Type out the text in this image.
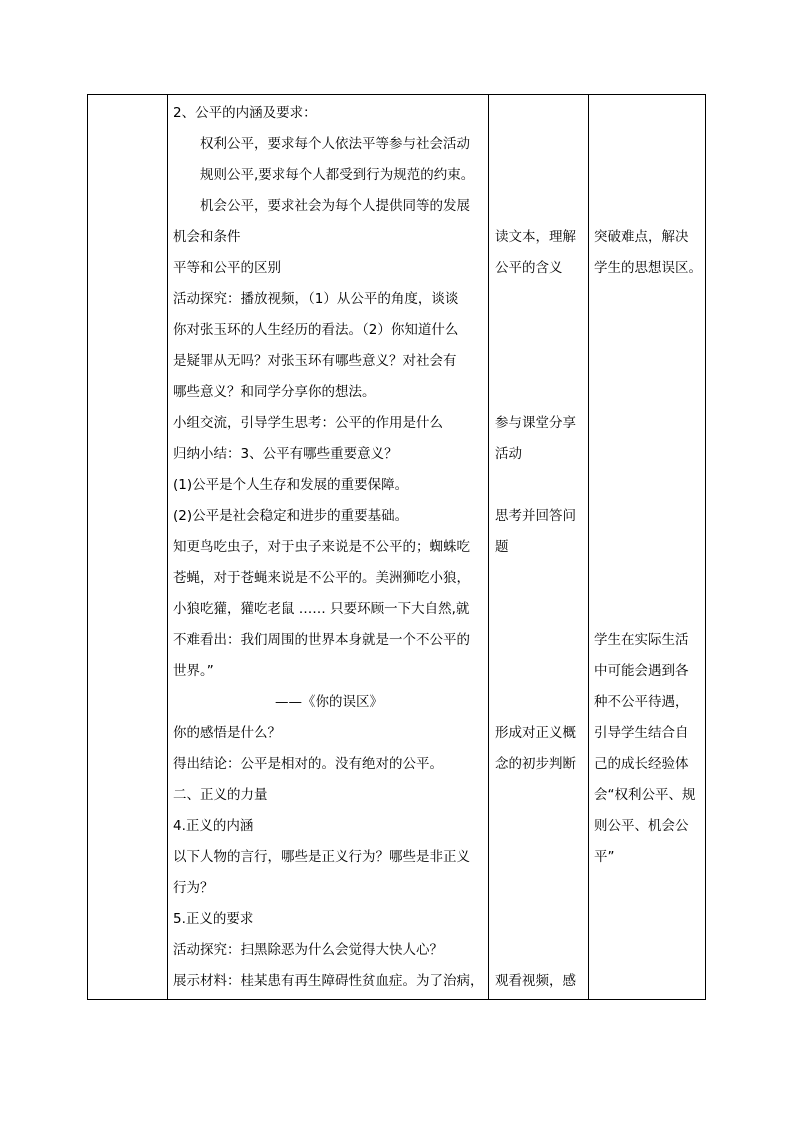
2、公平的内涵及要求：
　　权利公平，要求每个人依法平等参与社会活动
　　规则公平,要求每个人都受到行为规范的约束。
　　机会公平，要求社会为每个人提供同等的发展
机会和条件
平等和公平的区别
活动探究：播放视频，（1）从公平的角度，谈谈
你对张玉环的人生经历的看法。（2）你知道什么
是疑罪从无吗？对张玉环有哪些意义？对社会有
哪些意义？和同学分享你的想法。
小组交流，引导学生思考：公平的作用是什么
归纳小结：3、公平有哪些重要意义？
(1)公平是个人生存和发展的重要保障。
(2)公平是社会稳定和进步的重要基础。
知更鸟吃虫子，对于虫子来说是不公平的；蜘蛛吃
苍蝇，对于苍蝇来说是不公平的。美洲狮吃小狼，
小狼吃獾，獾吃老鼠 …… 只要环顾一下大自然,就
不难看出：我们周围的世界本身就是一个不公平的
世界。”
——《你的误区》
你的感悟是什么？
得出结论：公平是相对的。没有绝对的公平。
二、正义的力量
4.正义的内涵
以下人物的言行，哪些是正义行为？哪些是非正义
行为？
5.正义的要求
活动探究：扫黑除恶为什么会觉得大快人心？
展示材料：桂某患有再生障碍性贫血症。为了治病，
读文本，理解
公平的含义
参与课堂分享
活动
思考并回答问
题
形成对正义概
念的初步判断
观看视频，感
突破难点，解决
学生的思想误区。
学生在实际生活
中可能会遇到各
种不公平待遇，
引导学生结合自
己的成长经验体
会“权利公平、规
则公平、机会公
平”
